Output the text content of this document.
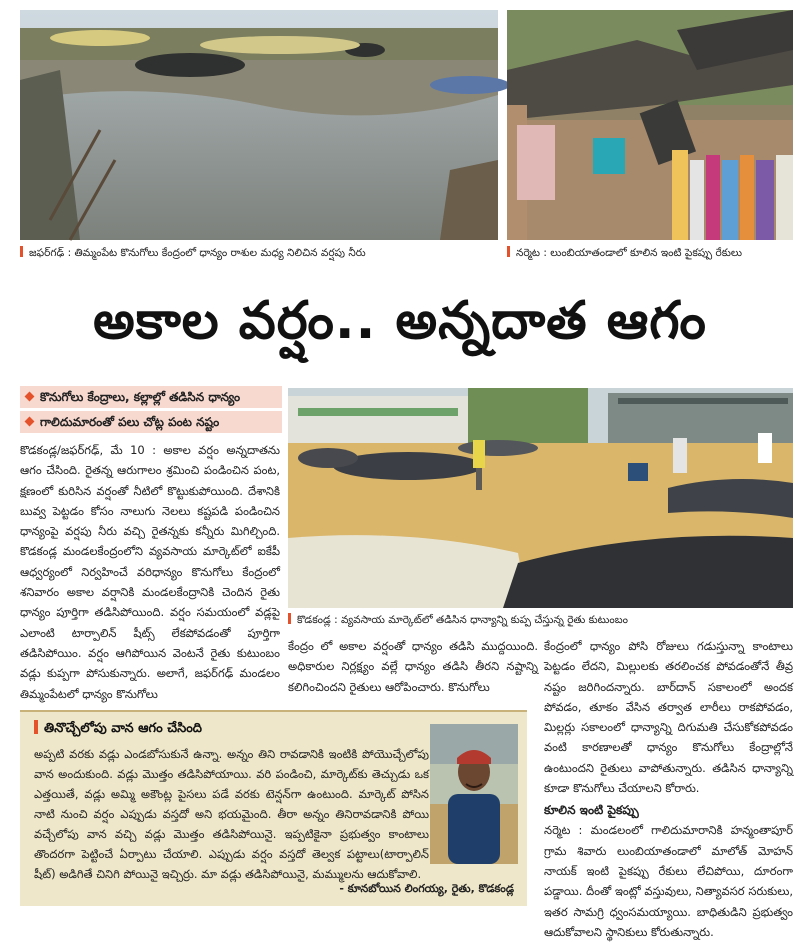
జఫర్‌గఢ్ : తిమ్మంపేట కొనుగోలు కేంద్రంలో ధాన్యం రాశుల మధ్య నిలిచిన వర్షపు నీరు	నర్మెట : లుంబియాతండాలో కూలిన ఇంటి పైకప్పు రేకులు
అకాల వర్షం.. అన్నదాత ఆగం
కొనుగోలు కేంద్రాలు, కల్లాల్లో తడిసిన ధాన్యం
గాలిదుమారంతో పలు చోట్ల పంట నష్టం

కొడకండ్ల/జఫర్‌గఢ్, మే 10 : అకాల వర్షం అన్నదాతను ఆగం చేసింది. రైతన్న ఆరుగాలం శ్రమించి పండించిన పంట, క్షణంలో కురిసిన వర్షంతో నీటిలో కొట్టుకుపోయింది. దేశానికి బువ్వ పెట్టడం కోసం నాలుగు నెలలు కష్టపడి పండించిన ధాన్యంపై వర్షపు నీరు వచ్చి రైతన్నకు కన్నీరు మిగిల్చింది. కొడకండ్ల మండలకేంద్రంలోని వ్యవసాయ మార్కెట్‌లో ఐకేపీ ఆధ్వర్యంలో నిర్వహించే వరిధాన్యం కొనుగోలు కేంద్రంలో శనివారం అకాల వర్షానికి మండలకేంద్రానికి చెందిన రైతు ధాన్యం పూర్తిగా తడిసిపోయింది. వర్షం సమయంలో వడ్లపై ఎలాంటి టార్పాలిన్ షీట్స్ లేకపోవడంతో పూర్తిగా తడిసిపోయిం. వర్షం ఆగిపోయిన వెంటనే రైతు కుటుంబం వడ్లు కుప్పగా పోసుకున్నారు. అలాగే, జఫర్‌గఢ్ మండలం తిమ్మంపేటలో ధాన్యం కొనుగోలు

కొడకండ్ల : వ్యవసాయ మార్కెట్‌లో తడిసిన ధాన్యాన్ని కుప్ప చేస్తున్న రైతు కుటుంబం

కేంద్రం లో అకాల వర్షంతో ధాన్యం తడిసి ముద్దయింది. అధికారుల నిర్లక్ష్యం వల్లే ధాన్యం తడిసి తీరని నష్టాన్ని కలిగించిందని రైతులు ఆరోపించారు. కొనుగోలు

కేంద్రంలో ధాన్యం పోసి రోజులు గడుస్తున్నా కాంటాలు పెట్టడం లేదని, మిల్లులకు తరలించక పోవడంతోనే తీవ్ర నష్టం జరిగిందన్నారు. బార్‌దాన్ సకాలంలో అందక పోవడం, తూకం వేసిన తర్వాత లారీలు రాకపోవడం, మిల్లర్లు సకాలంలో ధాన్యాన్ని దిగుమతి చేసుకోకపోవడం వంటి కారణాలతో ధాన్యం కొనుగోలు కేంద్రాల్లోనే ఉంటుందని రైతులు వాపోతున్నారు. తడిసిన ధాన్యాన్ని కూడా కొనుగోలు చేయాలని కోరారు.

కూలిన ఇంటి పైకప్పు

నర్మెట : మండలంలో గాలిదుమారానికి హన్మంతాపూర్ గ్రామ శివారు లుంబియాతండాలో మాలోత్ మోహన్ నాయక్ ఇంటి పైకప్పు రేకులు లేచిపోయి, దూరంగా పడ్డాయి. దీంతో ఇంట్లో వస్తువులు, నిత్యావసర సరుకులు, ఇతర సామగ్రి ధ్వంసమయ్యాయి. బాధితుడిని ప్రభుత్వం ఆదుకోవాలని స్థానికులు కోరుతున్నారు.

తినొచ్చేలోపు వాన ఆగం చేసింది
అప్పటి వరకు వడ్లు ఎండబోసుకునే ఉన్నా. అన్నం తిని రావడానికి ఇంటికి పోయొచ్చేలోపు వాన అందుకుంది. వడ్లు మొత్తం తడిసిపోయాయి. వరి పండించి, మార్కెట్‌కు తెచ్చుడు ఒక ఎత్తయితే, వడ్లు అమ్మి అకౌంట్ల పైసలు పడే వరకు టెన్షన్‌గా ఉంటుంది. మార్కెట్ పోసిన నాటి నుంచి వర్షం ఎప్పుడు వస్తదో అని భయమైంది. తీరా అన్నం తినిరావడానికి పోయి వచ్చేలోపు వాన వచ్చి వడ్లు మొత్తం తడిసిపోయినై. ఇప్పటికైనా ప్రభుత్వం కాంటాలు తొందరగా పెట్టించే ఏర్పాటు చేయాలి. ఎప్పుడు వర్షం వస్తదో తెల్వక పట్టాలు(టార్పాలిన్ షీట్) అడిగితే చినిగి పోయినై ఇచ్చిర్రు. మా వడ్లు తడిసిపోయినై, మమ్ములను ఆదుకోవాలి.
- కూనబోయిన లింగయ్య, రైతు, కొడకండ్ల
